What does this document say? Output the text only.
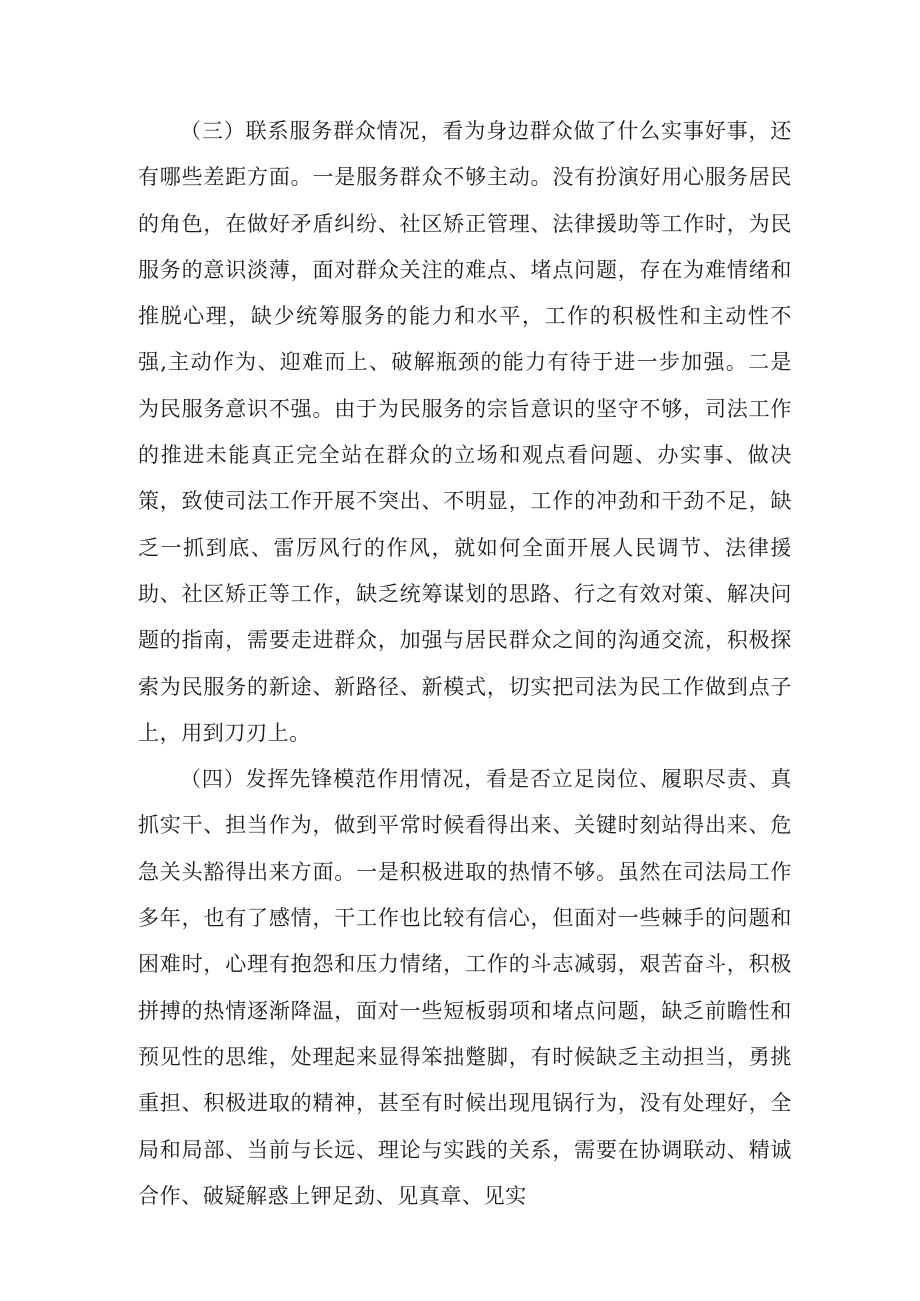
（三）联系服务群众情况，看为身边群众做了什么实事好事，还有哪些差距方面。一是服务群众不够主动。没有扮演好用心服务居民的角色，在做好矛盾纠纷、社区矫正管理、法律援助等工作时，为民服务的意识淡薄，面对群众关注的难点、堵点问题，存在为难情绪和推脱心理，缺少统筹服务的能力和水平，工作的积极性和主动性不强,主动作为、迎难而上、破解瓶颈的能力有待于进一步加强。二是为民服务意识不强。由于为民服务的宗旨意识的坚守不够，司法工作的推进未能真正完全站在群众的立场和观点看问题、办实事、做决策，致使司法工作开展不突出、不明显，工作的冲劲和干劲不足，缺乏一抓到底、雷厉风行的作风，就如何全面开展人民调节、法律援助、社区矫正等工作，缺乏统筹谋划的思路、行之有效对策、解决问题的指南，需要走进群众，加强与居民群众之间的沟通交流，积极探索为民服务的新途、新路径、新模式，切实把司法为民工作做到点子上，用到刀刃上。

（四）发挥先锋模范作用情况，看是否立足岗位、履职尽责、真抓实干、担当作为，做到平常时候看得出来、关键时刻站得出来、危急关头豁得出来方面。一是积极进取的热情不够。虽然在司法局工作多年，也有了感情，干工作也比较有信心，但面对一些棘手的问题和困难时，心理有抱怨和压力情绪，工作的斗志减弱，艰苦奋斗，积极拼搏的热情逐渐降温，面对一些短板弱项和堵点问题，缺乏前瞻性和预见性的思维，处理起来显得笨拙蹩脚，有时候缺乏主动担当，勇挑重担、积极进取的精神，甚至有时候出现甩锅行为，没有处理好，全局和局部、当前与长远、理论与实践的关系，需要在协调联动、精诚合作、破疑解惑上钾足劲、见真章、见实
